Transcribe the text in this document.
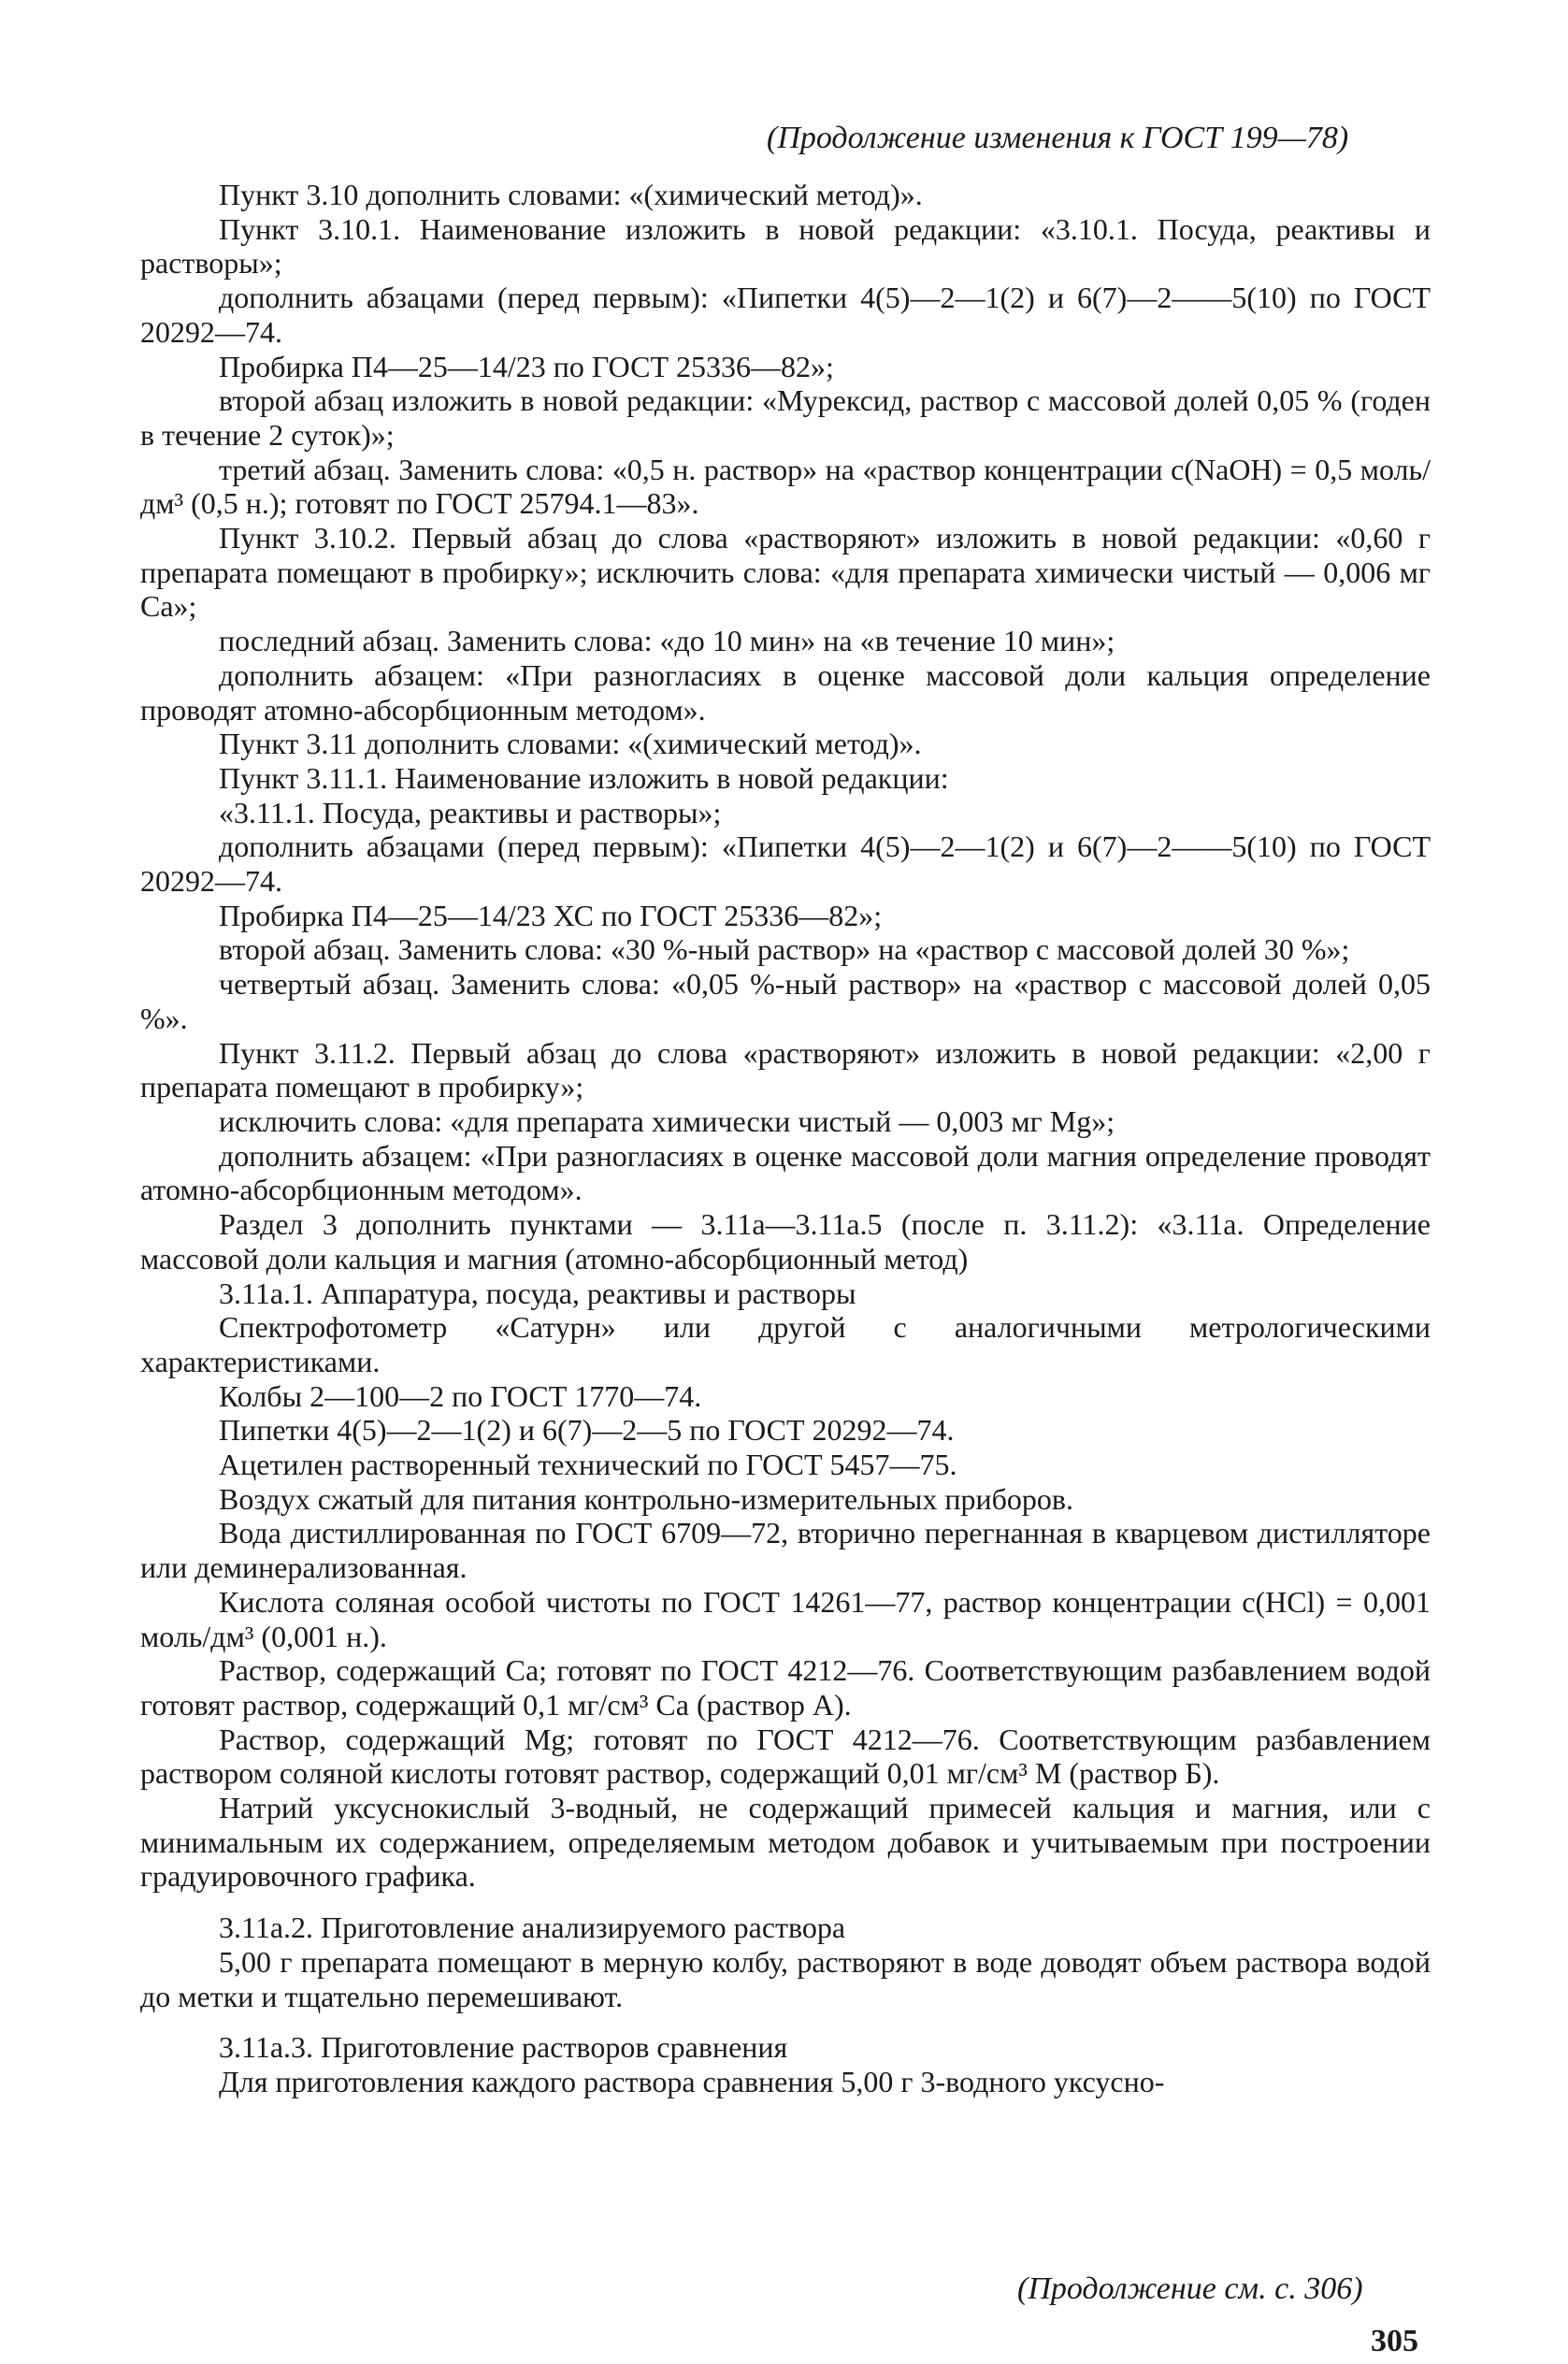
(Продолжение изменения к ГОСТ 199—78)

Пункт 3.10 дополнить словами: «(химический метод)».

Пункт 3.10.1. Наименование изложить в новой редакции: «3.10.1. Посуда, реактивы и растворы»;

дополнить абзацами (перед первым): «Пипетки 4(5)—2—1(2) и 6(7)—2——5(10) по ГОСТ 20292—74.

Пробирка П4—25—14/23 по ГОСТ 25336—82»;

второй абзац изложить в новой редакции: «Мурексид, раствор с массовой долей 0,05 % (годен в течение 2 суток)»;

третий абзац. Заменить слова: «0,5 н. раствор» на «раствор концентрации c(NaOH) = 0,5 моль/дм³ (0,5 н.); готовят по ГОСТ 25794.1—83».

Пункт 3.10.2. Первый абзац до слова «растворяют» изложить в новой редакции: «0,60 г препарата помещают в пробирку»; исключить слова: «для препарата химически чистый — 0,006 мг Са»;

последний абзац. Заменить слова: «до 10 мин» на «в течение 10 мин»;

дополнить абзацем: «При разногласиях в оценке массовой доли кальция определение проводят атомно-абсорбционным методом».

Пункт 3.11 дополнить словами: «(химический метод)».

Пункт 3.11.1. Наименование изложить в новой редакции:

«3.11.1. Посуда, реактивы и растворы»;

дополнить абзацами (перед первым): «Пипетки 4(5)—2—1(2) и 6(7)—2——5(10) по ГОСТ 20292—74.

Пробирка П4—25—14/23 ХС по ГОСТ 25336—82»;

второй абзац. Заменить слова: «30 %-ный раствор» на «раствор с массовой долей 30 %»;

четвертый абзац. Заменить слова: «0,05 %-ный раствор» на «раствор с массовой долей 0,05 %».

Пункт 3.11.2. Первый абзац до слова «растворяют» изложить в новой редакции: «2,00 г препарата помещают в пробирку»;

исключить слова: «для препарата химически чистый — 0,003 мг Mg»;

дополнить абзацем: «При разногласиях в оценке массовой доли магния определение проводят атомно-абсорбционным методом».

Раздел 3 дополнить пунктами — 3.11а—3.11а.5 (после п. 3.11.2): «3.11а. Определение массовой доли кальция и магния (атомно-абсорбционный метод)

3.11а.1. Аппаратура, посуда, реактивы и растворы

Спектрофотометр «Сатурн» или другой с аналогичными метрологическими характеристиками.

Колбы 2—100—2 по ГОСТ 1770—74.

Пипетки 4(5)—2—1(2) и 6(7)—2—5 по ГОСТ 20292—74.

Ацетилен растворенный технический по ГОСТ 5457—75.

Воздух сжатый для питания контрольно-измерительных приборов.

Вода дистиллированная по ГОСТ 6709—72, вторично перегнанная в кварцевом дистилляторе или деминерализованная.

Кислота соляная особой чистоты по ГОСТ 14261—77, раствор концентрации c(HCl) = 0,001 моль/дм³ (0,001 н.).

Раствор, содержащий Са; готовят по ГОСТ 4212—76. Соответствующим разбавлением водой готовят раствор, содержащий 0,1 мг/см³ Са (раствор А).

Раствор, содержащий Mg; готовят по ГОСТ 4212—76. Соответствующим разбавлением раствором соляной кислоты готовят раствор, содержащий 0,01 мг/см³ М (раствор Б).

Натрий уксуснокислый 3-водный, не содержащий примесей кальция и магния, или с минимальным их содержанием, определяемым методом добавок и учитываемым при построении градуировочного графика.

3.11а.2. Приготовление анализируемого раствора

5,00 г препарата помещают в мерную колбу, растворяют в воде доводят объем раствора водой до метки и тщательно перемешивают.

3.11а.3. Приготовление растворов сравнения

Для приготовления каждого раствора сравнения 5,00 г 3-водного уксусно-

(Продолжение см. с. 306)
305
